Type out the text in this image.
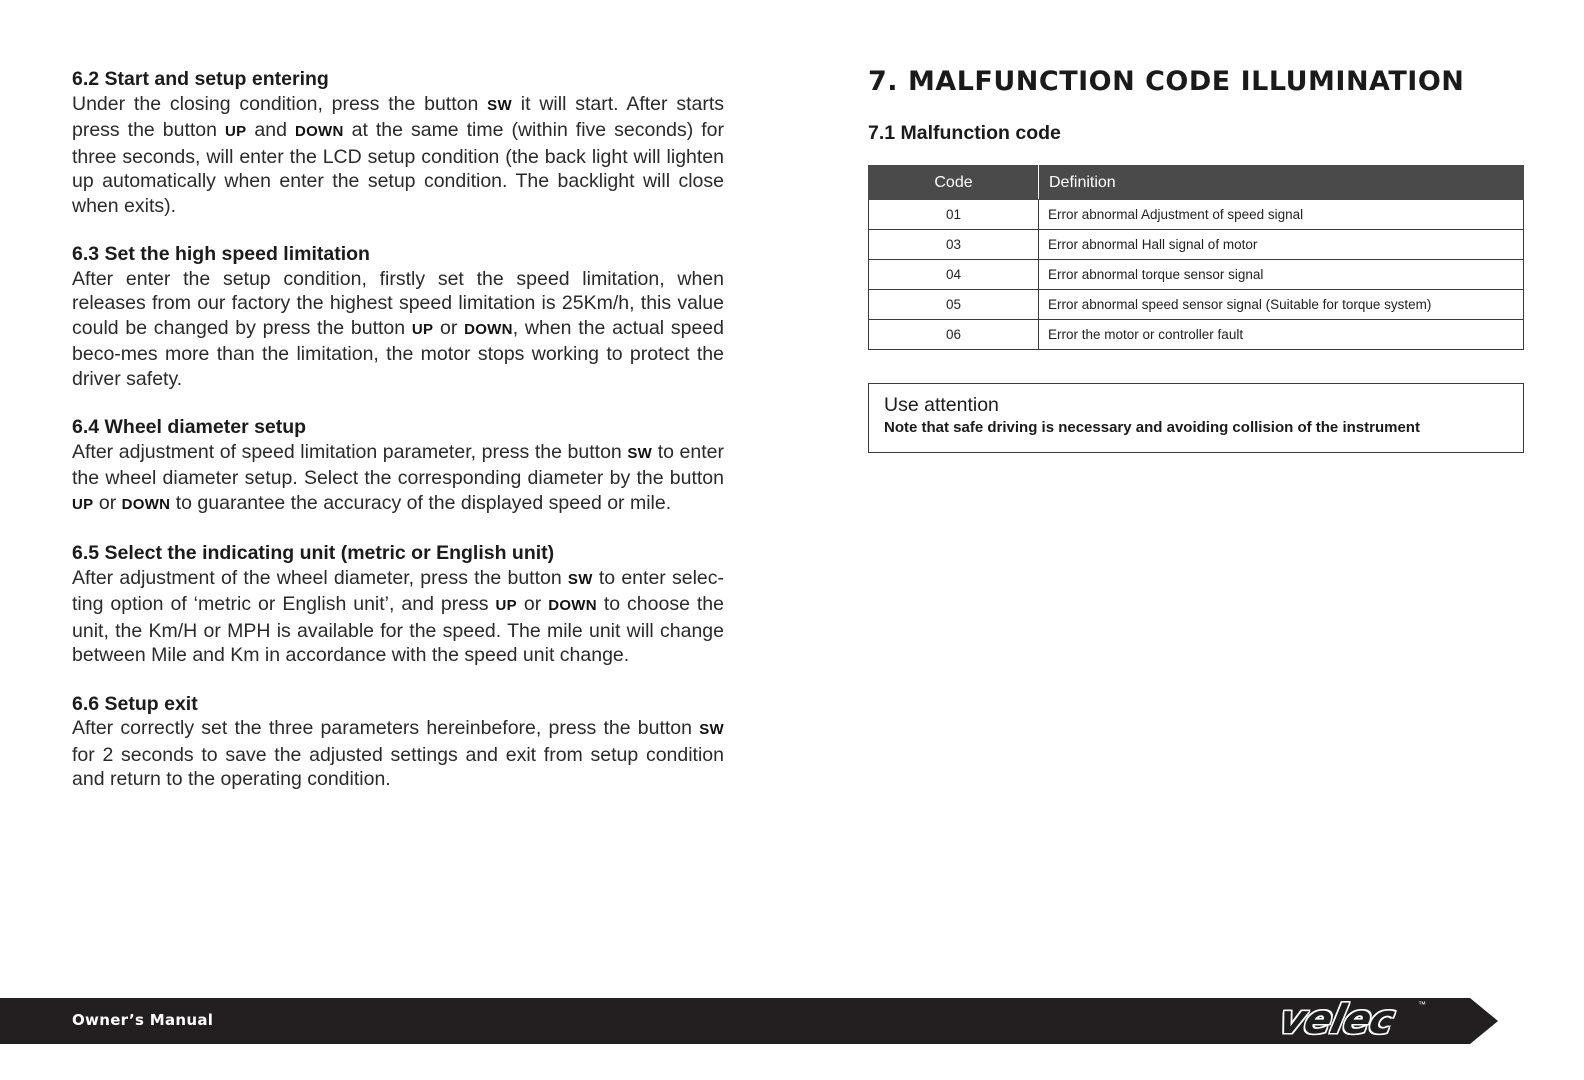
6.2 Start and setup entering

Under the closing condition, press the button SW it will start. After starts press the button UP and DOWN at the same time (within five seconds) for three seconds, will enter the LCD setup condition (the back light will lighten up automatically when enter the setup condition. The backlight will close when exits).

6.3 Set the high speed limitation

After enter the setup condition, firstly set the speed limitation, when releases from our factory the highest speed limitation is 25Km/h, this value could be changed by press the button UP or DOWN, when the actual speed beco-mes more than the limitation, the motor stops working to protect the driver safety.

6.4 Wheel diameter setup

After adjustment of speed limitation parameter, press the button SW to enter the wheel diameter setup. Select the corresponding diameter by the button UP or DOWN to guarantee the accuracy of the displayed speed or mile.

6.5 Select the indicating unit (metric or English unit)

After adjustment of the wheel diameter, press the button SW to enter selec-ting option of ‘metric or English unit’, and press UP or DOWN to choose the unit, the Km/H or MPH is available for the speed. The mile unit will change between Mile and Km in accordance with the speed unit change.

6.6 Setup exit

After correctly set the three parameters hereinbefore, press the button SW for 2 seconds to save the adjusted settings and exit from setup condition and return to the operating condition.

7. MALFUNCTION CODE ILLUMINATION
7.1 Malfunction code
Code	Definition
01	Error abnormal Adjustment of speed signal
03	Error abnormal Hall signal of motor
04	Error abnormal torque sensor signal
05	Error abnormal speed sensor signal (Suitable for torque system)
06	Error the motor or controller fault
Use attention
Note that safe driving is necessary and avoiding collision of the instrument
Owner’s Manual	velec	™
